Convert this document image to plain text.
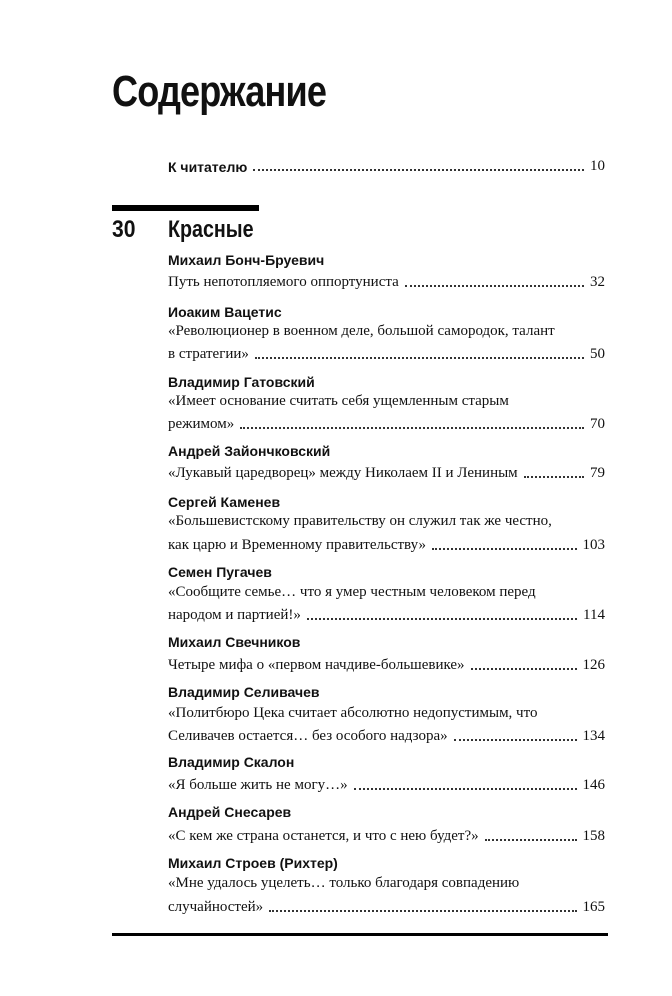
Содержание
К читателю	10
30 Красные
Михаил Бонч-Бруевич
Путь непотопляемого оппортуниста	32
Иоаким Вацетис
«Революционер в военном деле, большой самородок, талант
в стратегии»	50
Владимир Гатовский
«Имеет основание считать себя ущемленным старым
режимом»	70
Андрей Зайончковский
«Лукавый царедворец» между Николаем II и Лениным	79
Сергей Каменев
«Большевистскому правительству он служил так же честно,
как царю и Временному правительству»	103
Семен Пугачев
«Сообщите семье… что я умер честным человеком перед
народом и партией!»	114
Михаил Свечников
Четыре мифа о «первом начдиве-большевике»	126
Владимир Селивачев
«Политбюро Цека считает абсолютно недопустимым, что
Селивачев остается… без особого надзора»	134
Владимир Скалон
«Я больше жить не могу…»	146
Андрей Снесарев
«С кем же страна останется, и что с нею будет?»	158
Михаил Строев (Рихтер)
«Мне удалось уцелеть… только благодаря совпадению
случайностей»	165
